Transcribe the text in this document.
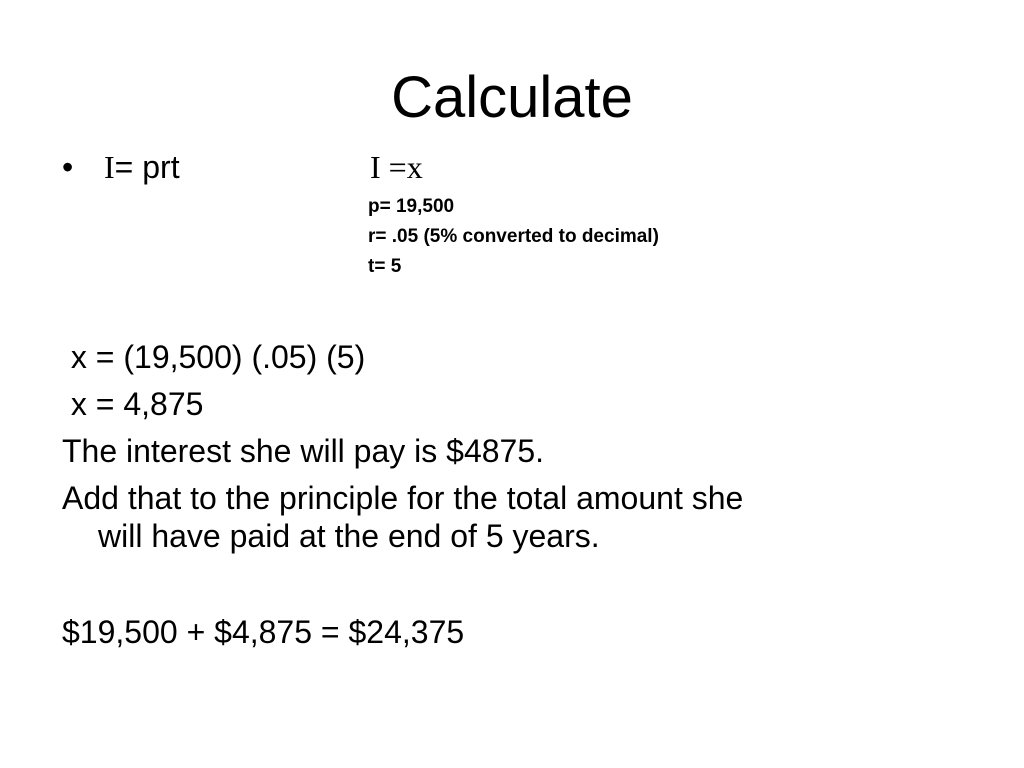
Calculate
• I= prt	I =x
p= 19,500
r= .05 (5% converted to decimal)
t= 5
x = (19,500) (.05) (5)
x = 4,875
The interest she will pay is $4875.
Add that to the principle for the total amount she
will have paid at the end of 5 years.
$19,500 + $4,875 = $24,375
